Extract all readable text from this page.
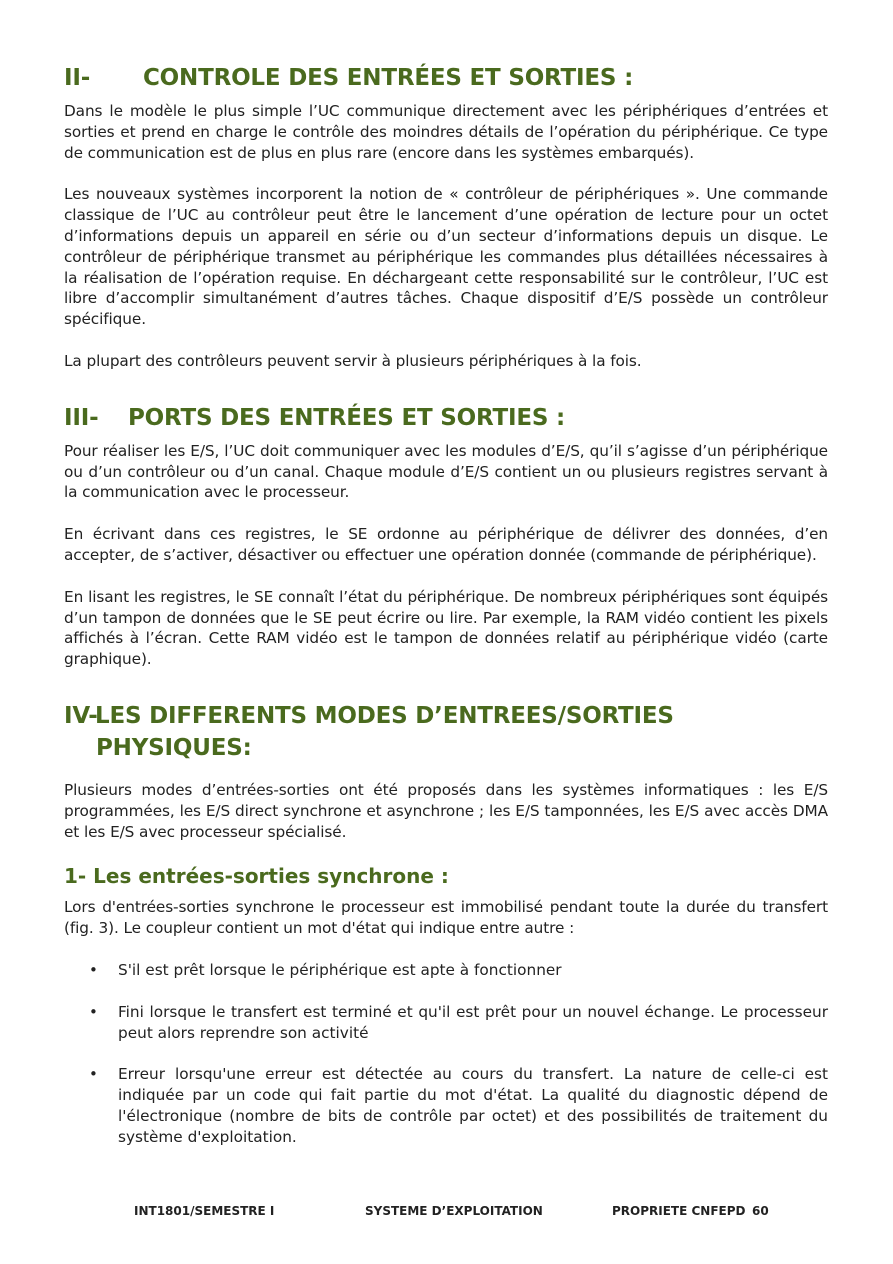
II- CONTROLE DES ENTRÉES ET SORTIES :

Dans le modèle le plus simple l’UC communique directement avec les périphériques d’entrées et sorties et prend en charge le contrôle des moindres détails de l’opération du périphérique. Ce type de communication est de plus en plus rare (encore dans les systèmes embarqués).

Les nouveaux systèmes incorporent la notion de « contrôleur de périphériques ». Une commande classique de l’UC au contrôleur peut être le lancement d’une opération de lecture pour un octet d’informations depuis un appareil en série ou d’un secteur d’informations depuis un disque. Le contrôleur de périphérique transmet au périphérique les commandes plus détaillées nécessaires à la réalisation de l’opération requise. En déchargeant cette responsabilité sur le contrôleur, l’UC est libre d’accomplir simultanément d’autres tâches. Chaque dispositif d’E/S possède un contrôleur spécifique.

La plupart des contrôleurs peuvent servir à plusieurs périphériques à la fois.

III- PORTS DES ENTRÉES ET SORTIES :

Pour réaliser les E/S, l’UC doit communiquer avec les modules d’E/S, qu’il s’agisse d’un périphérique ou d’un contrôleur ou d’un canal. Chaque module d’E/S contient un ou plusieurs registres servant à la communication avec le processeur.

En écrivant dans ces registres, le SE ordonne au périphérique de délivrer des données, d’en accepter, de s’activer, désactiver ou effectuer une opération donnée (commande de périphérique).

En lisant les registres, le SE connaît l’état du périphérique. De nombreux périphériques sont équipés d’un tampon de données que le SE peut écrire ou lire. Par exemple, la RAM vidéo contient les pixels affichés à l’écran. Cette RAM vidéo est le tampon de données relatif au périphérique vidéo (carte graphique).

IV-LES DIFFERENTS MODES D’ENTREES/SORTIES
PHYSIQUES:

Plusieurs modes d’entrées-sorties ont été proposés dans les systèmes informatiques : les E/S programmées, les E/S direct synchrone et asynchrone ; les E/S tamponnées, les E/S avec accès DMA et les E/S avec processeur spécialisé.

1- Les entrées-sorties synchrone :

Lors d'entrées-sorties synchrone le processeur est immobilisé pendant toute la durée du transfert (fig. 3). Le coupleur contient un mot d'état qui indique entre autre :

• S'il est prêt lorsque le périphérique est apte à fonctionner
• Fini lorsque le transfert est terminé et qu'il est prêt pour un nouvel échange. Le processeur peut alors reprendre son activité
• Erreur lorsqu'une erreur est détectée au cours du transfert. La nature de celle-ci est indiquée par un code qui fait partie du mot d'état. La qualité du diagnostic dépend de l'électronique (nombre de bits de contrôle par octet) et des possibilités de traitement du système d'exploitation.
INT1801/SEMESTRE I	SYSTEME D’EXPLOITATION	PROPRIETE CNFEPD 60
